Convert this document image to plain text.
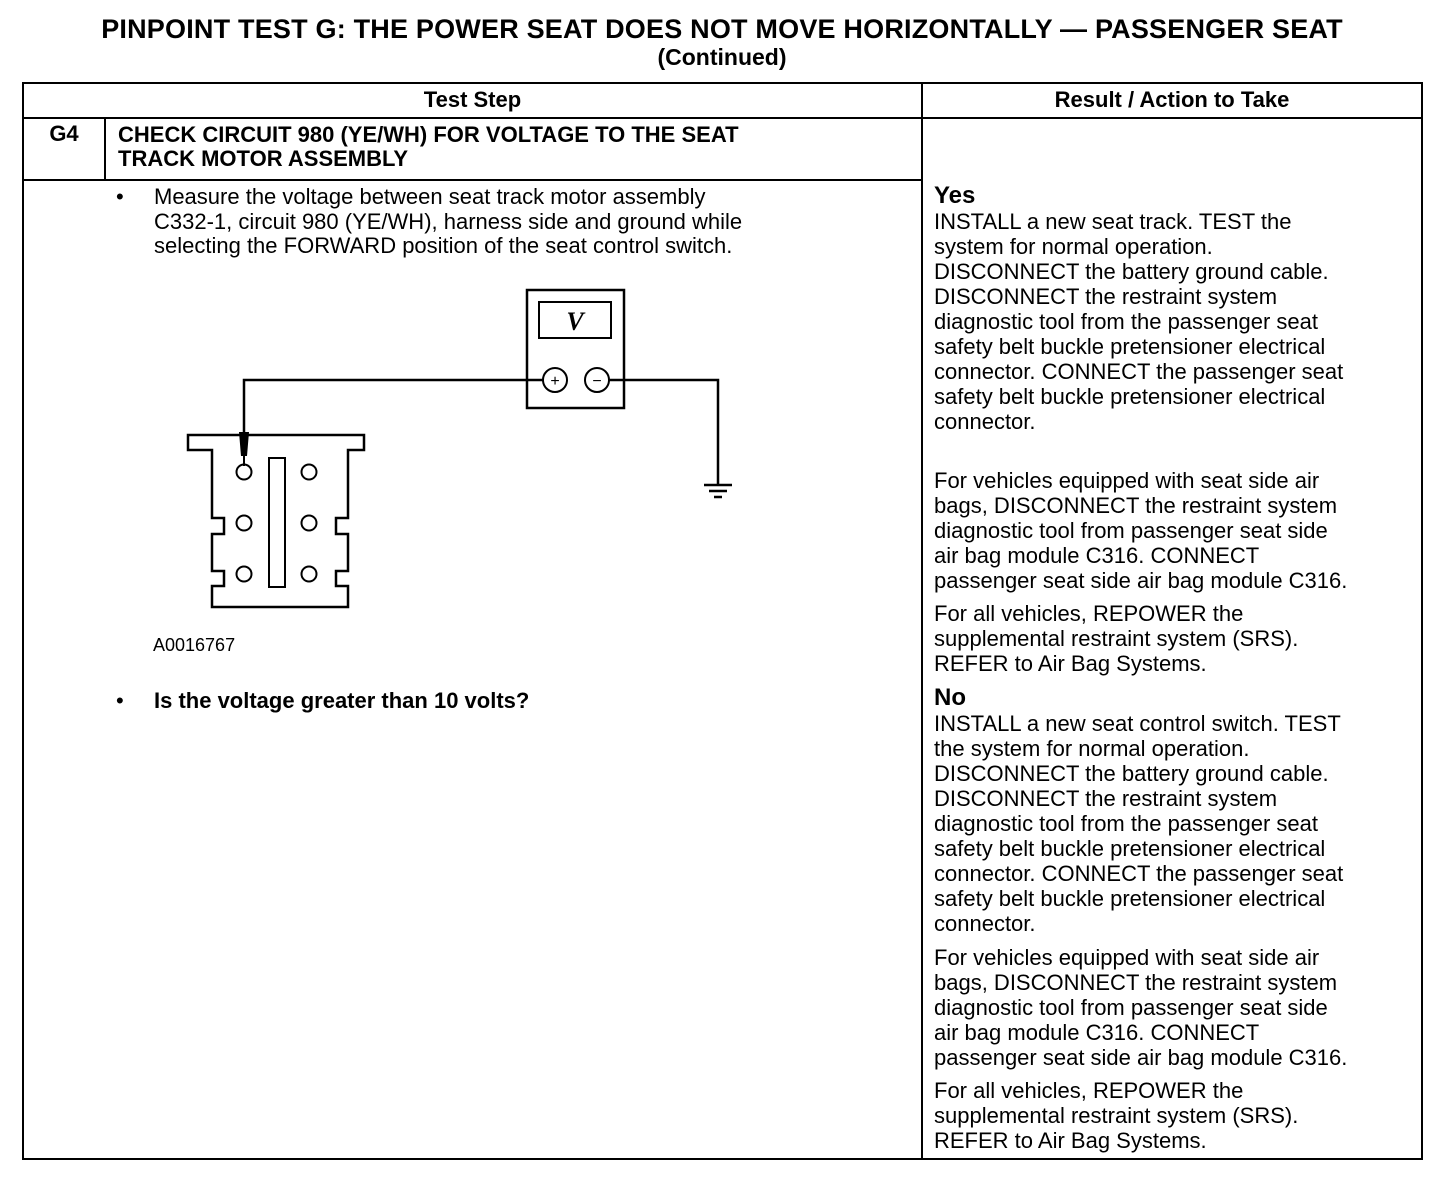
PINPOINT TEST G: THE POWER SEAT DOES NOT MOVE HORIZONTALLY — PASSENGER SEAT
(Continued)
Test Step	Result / Action to Take
G4	CHECK CIRCUIT 980 (YE/WH) FOR VOLTAGE TO THE SEAT
TRACK MOTOR ASSEMBLY
• Measure the voltage between seat track motor assembly
C332-1, circuit 980 (YE/WH), harness side and ground while
selecting the FORWARD position of the seat control switch.
V
+ −
A0016767
• Is the voltage greater than 10 volts?
Yes
INSTALL a new seat track. TEST the
system for normal operation.
DISCONNECT the battery ground cable.
DISCONNECT the restraint system
diagnostic tool from the passenger seat
safety belt buckle pretensioner electrical
connector. CONNECT the passenger seat
safety belt buckle pretensioner electrical
connector.
For vehicles equipped with seat side air
bags, DISCONNECT the restraint system
diagnostic tool from passenger seat side
air bag module C316. CONNECT
passenger seat side air bag module C316.
For all vehicles, REPOWER the
supplemental restraint system (SRS).
REFER to Air Bag Systems.
No
INSTALL a new seat control switch. TEST
the system for normal operation.
DISCONNECT the battery ground cable.
DISCONNECT the restraint system
diagnostic tool from the passenger seat
safety belt buckle pretensioner electrical
connector. CONNECT the passenger seat
safety belt buckle pretensioner electrical
connector.
For vehicles equipped with seat side air
bags, DISCONNECT the restraint system
diagnostic tool from passenger seat side
air bag module C316. CONNECT
passenger seat side air bag module C316.
For all vehicles, REPOWER the
supplemental restraint system (SRS).
REFER to Air Bag Systems.
